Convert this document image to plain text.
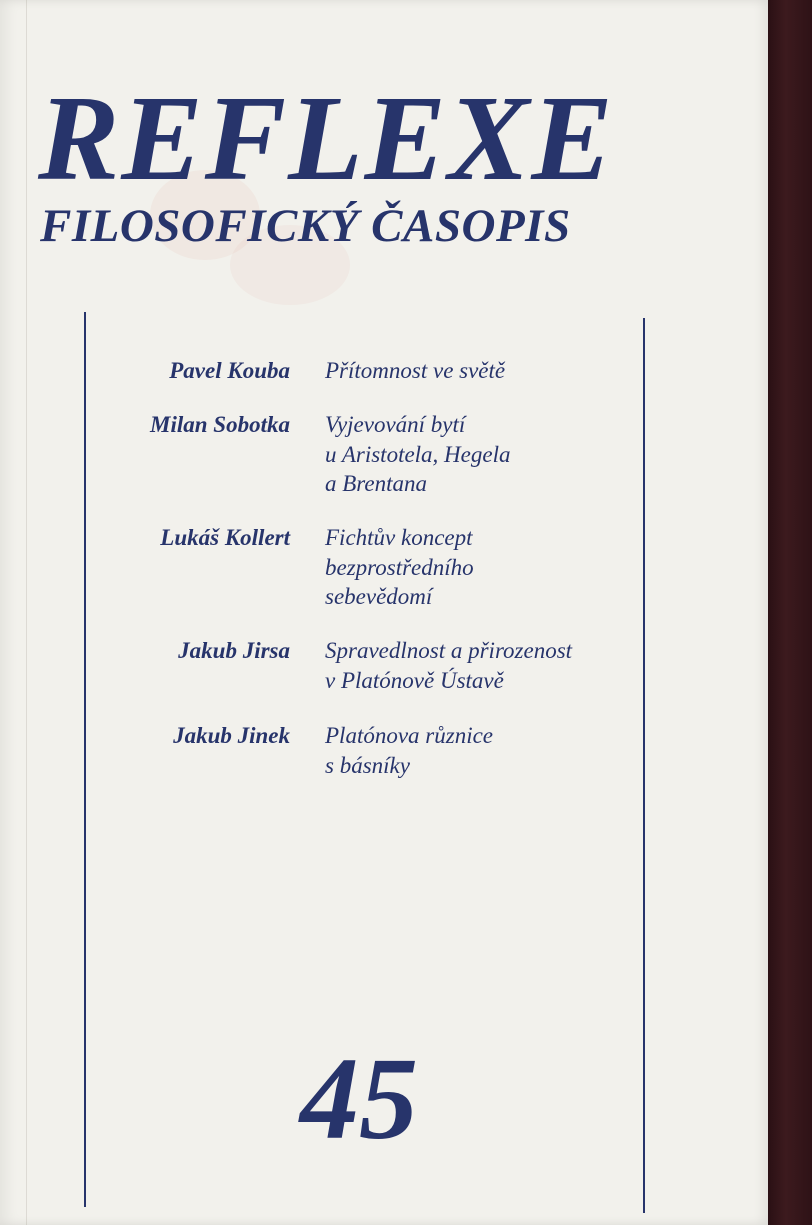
REFLEXE
FILOSOFICKÝ ČASOPIS
Pavel Kouba Přítomnost ve světě
Milan Sobotka Vyjevování bytí
u Aristotela, Hegela
a Brentana
Lukáš Kollert Fichtův koncept
bezprostředního
sebevědomí
Jakub Jirsa Spravedlnost a přirozenost
v Platónově Ústavě
Jakub Jinek Platónova různice
s básníky
45
